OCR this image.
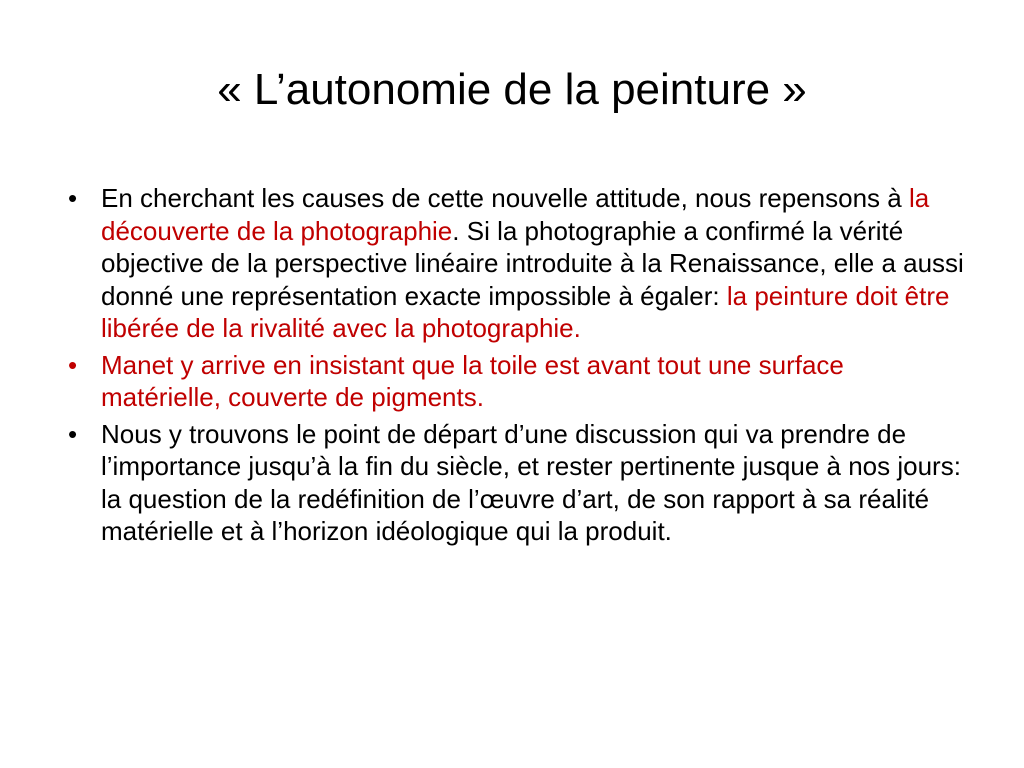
« L’autonomie de la peinture »
• En cherchant les causes de cette nouvelle attitude, nous repensons à la découverte de la photographie. Si la photographie a confirmé la vérité objective de la perspective linéaire introduite à la Renaissance, elle a aussi donné une représentation exacte impossible à égaler: la peinture doit être libérée de la rivalité avec la photographie.
• Manet y arrive en insistant que la toile est avant tout une surface matérielle, couverte de pigments.
• Nous y trouvons le point de départ d’une discussion qui va prendre de l’importance jusqu’à la fin du siècle, et rester pertinente jusque à nos jours: la question de la redéfinition de l’œuvre d’art, de son rapport à sa réalité matérielle et à l’horizon idéologique qui la produit.
